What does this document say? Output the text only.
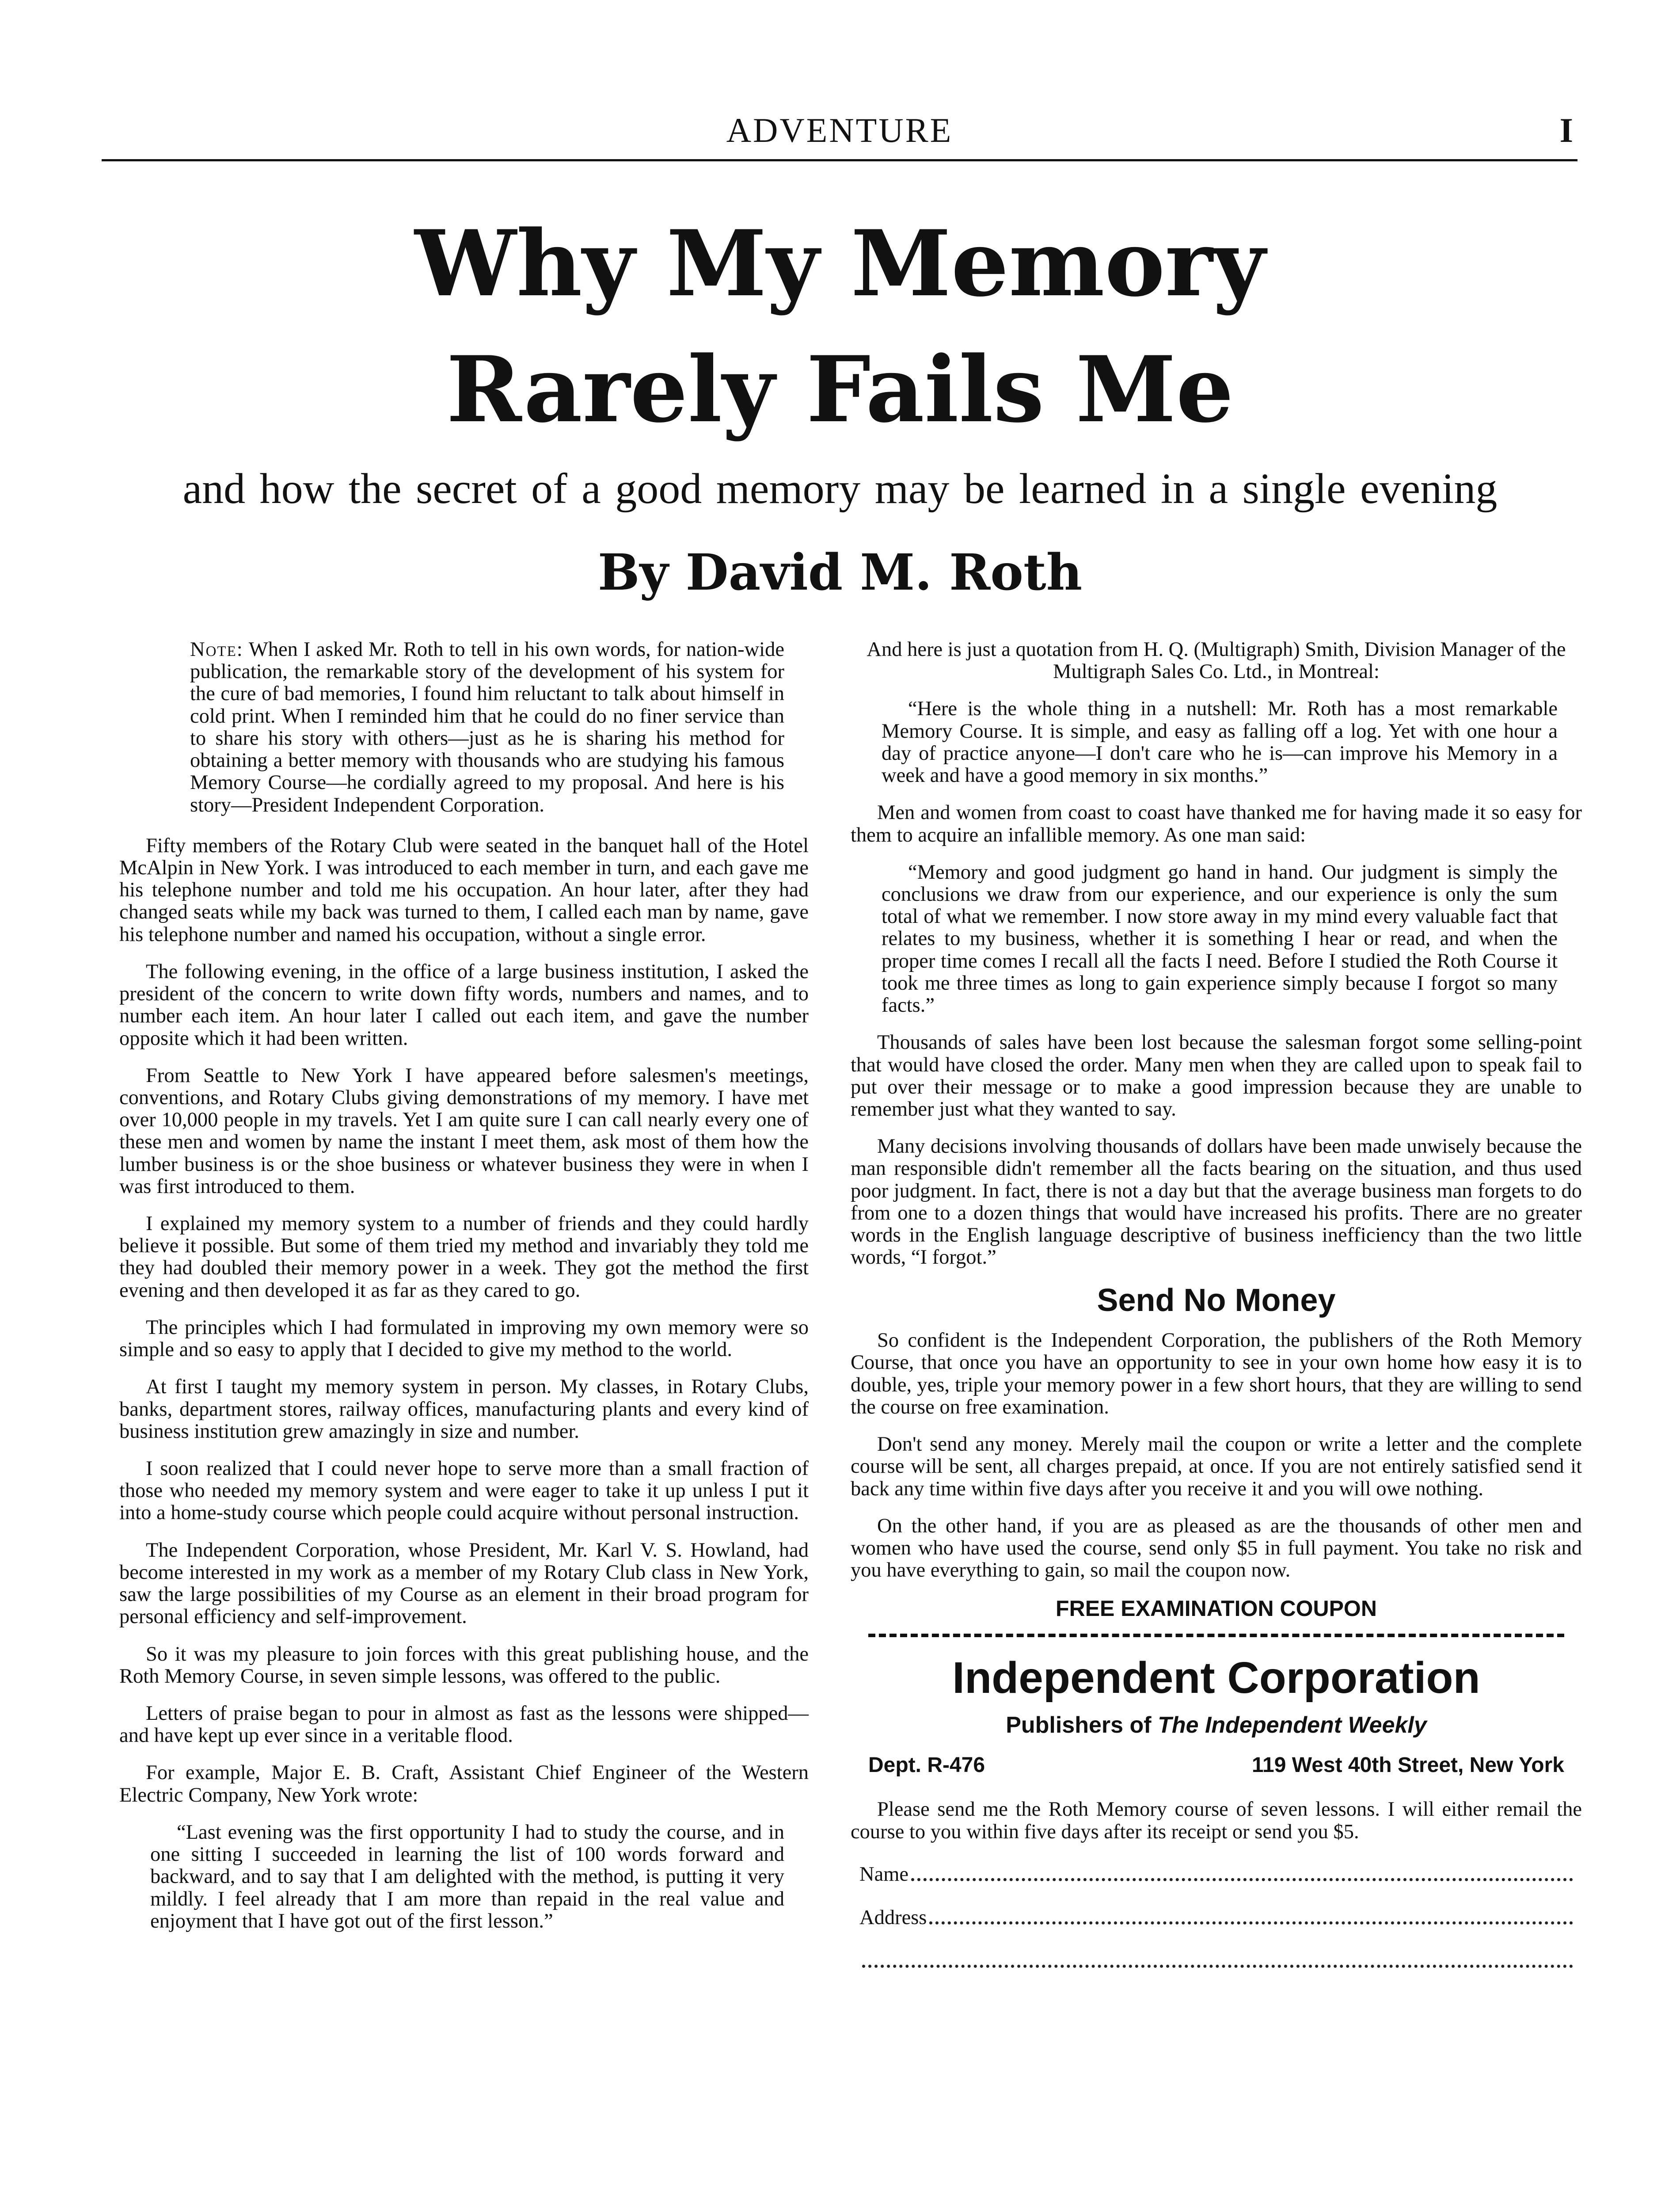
ADVENTURE	I
Why My Memory
Rarely Fails Me
and how the secret of a good memory may be learned in a single evening
By David M. Roth

Note: When I asked Mr. Roth to tell in his own words, for nation-wide publication, the remarkable story of the development of his system for the cure of bad memories, I found him reluctant to talk about himself in cold print. When I reminded him that he could do no finer service than to share his story with others—just as he is sharing his method for obtaining a better memory with thousands who are studying his famous Memory Course—he cordially agreed to my proposal. And here is his story—President Independent Corporation.

Fifty members of the Rotary Club were seated in the banquet hall of the Hotel McAlpin in New York. I was introduced to each member in turn, and each gave me his telephone number and told me his occupation. An hour later, after they had changed seats while my back was turned to them, I called each man by name, gave his telephone number and named his occupation, without a single error.

The following evening, in the office of a large business institution, I asked the president of the concern to write down fifty words, numbers and names, and to number each item. An hour later I called out each item, and gave the number opposite which it had been written.

From Seattle to New York I have appeared before salesmen's meetings, conventions, and Rotary Clubs giving demonstrations of my memory. I have met over 10,000 people in my travels. Yet I am quite sure I can call nearly every one of these men and women by name the instant I meet them, ask most of them how the lumber business is or the shoe business or whatever business they were in when I was first introduced to them.

I explained my memory system to a number of friends and they could hardly believe it possible. But some of them tried my method and invariably they told me they had doubled their memory power in a week. They got the method the first evening and then developed it as far as they cared to go.

The principles which I had formulated in improving my own memory were so simple and so easy to apply that I decided to give my method to the world.

At first I taught my memory system in person. My classes, in Rotary Clubs, banks, department stores, railway offices, manufacturing plants and every kind of business institution grew amazingly in size and number.

I soon realized that I could never hope to serve more than a small fraction of those who needed my memory system and were eager to take it up unless I put it into a home-study course which people could acquire without personal instruction.

The Independent Corporation, whose President, Mr. Karl V. S. Howland, had become interested in my work as a member of my Rotary Club class in New York, saw the large possibilities of my Course as an element in their broad program for personal efficiency and self-improvement.

So it was my pleasure to join forces with this great publishing house, and the Roth Memory Course, in seven simple lessons, was offered to the public.

Letters of praise began to pour in almost as fast as the lessons were shipped—and have kept up ever since in a veritable flood.

For example, Major E. B. Craft, Assistant Chief Engineer of the Western Electric Company, New York wrote:

“Last evening was the first opportunity I had to study the course, and in one sitting I succeeded in learning the list of 100 words forward and backward, and to say that I am delighted with the method, is putting it very mildly. I feel already that I am more than repaid in the real value and enjoyment that I have got out of the first lesson.”

And here is just a quotation from H. Q. (Multigraph) Smith, Division Manager of the Multigraph Sales Co. Ltd., in Montreal:

“Here is the whole thing in a nutshell: Mr. Roth has a most remarkable Memory Course. It is simple, and easy as falling off a log. Yet with one hour a day of practice anyone—I don't care who he is—can improve his Memory in a week and have a good memory in six months.”

Men and women from coast to coast have thanked me for having made it so easy for them to acquire an infallible memory. As one man said:

“Memory and good judgment go hand in hand. Our judgment is simply the conclusions we draw from our experience, and our experience is only the sum total of what we remember. I now store away in my mind every valuable fact that relates to my business, whether it is something I hear or read, and when the proper time comes I recall all the facts I need. Before I studied the Roth Course it took me three times as long to gain experience simply because I forgot so many facts.”

Thousands of sales have been lost because the salesman forgot some selling-point that would have closed the order. Many men when they are called upon to speak fail to put over their message or to make a good impression because they are unable to remember just what they wanted to say.

Many decisions involving thousands of dollars have been made unwisely because the man responsible didn't remember all the facts bearing on the situation, and thus used poor judgment. In fact, there is not a day but that the average business man forgets to do from one to a dozen things that would have increased his profits. There are no greater words in the English language descriptive of business inefficiency than the two little words, “I forgot.”

Send No Money

So confident is the Independent Corporation, the publishers of the Roth Memory Course, that once you have an opportunity to see in your own home how easy it is to double, yes, triple your memory power in a few short hours, that they are willing to send the course on free examination.

Don't send any money. Merely mail the coupon or write a letter and the complete course will be sent, all charges prepaid, at once. If you are not entirely satisfied send it back any time within five days after you receive it and you will owe nothing.

On the other hand, if you are as pleased as are the thousands of other men and women who have used the course, send only $5 in full payment. You take no risk and you have everything to gain, so mail the coupon now.

FREE EXAMINATION COUPON
Independent Corporation
Publishers of The Independent Weekly
Dept. R-476	119 West 40th Street, New York

Please send me the Roth Memory course of seven lessons. I will either remail the course to you within five days after its receipt or send you $5.

Name
Address
